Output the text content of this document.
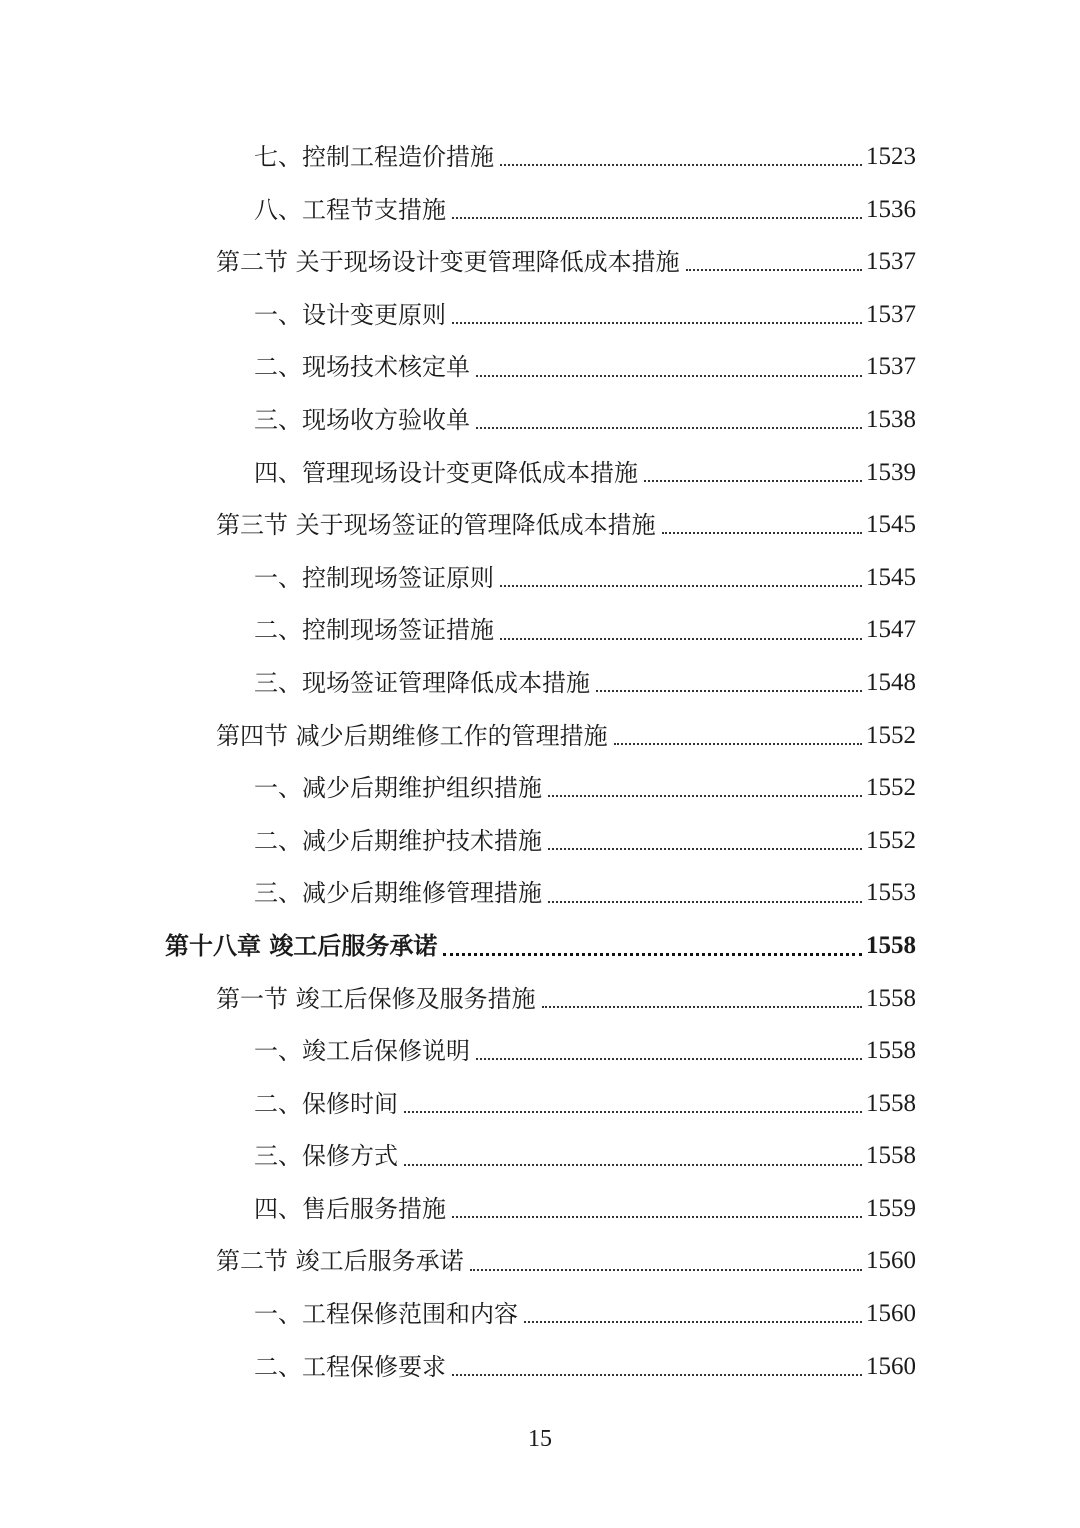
七、控制工程造价措施	1523
八、工程节支措施	1536
第二节 关于现场设计变更管理降低成本措施	1537
一、设计变更原则	1537
二、现场技术核定单	1537
三、现场收方验收单	1538
四、管理现场设计变更降低成本措施	1539
第三节 关于现场签证的管理降低成本措施	1545
一、控制现场签证原则	1545
二、控制现场签证措施	1547
三、现场签证管理降低成本措施	1548
第四节 减少后期维修工作的管理措施	1552
一、减少后期维护组织措施	1552
二、减少后期维护技术措施	1552
三、减少后期维修管理措施	1553
第十八章 竣工后服务承诺	1558
第一节 竣工后保修及服务措施	1558
一、竣工后保修说明	1558
二、保修时间	1558
三、保修方式	1558
四、售后服务措施	1559
第二节 竣工后服务承诺	1560
一、工程保修范围和内容	1560
二、工程保修要求	1560
15
